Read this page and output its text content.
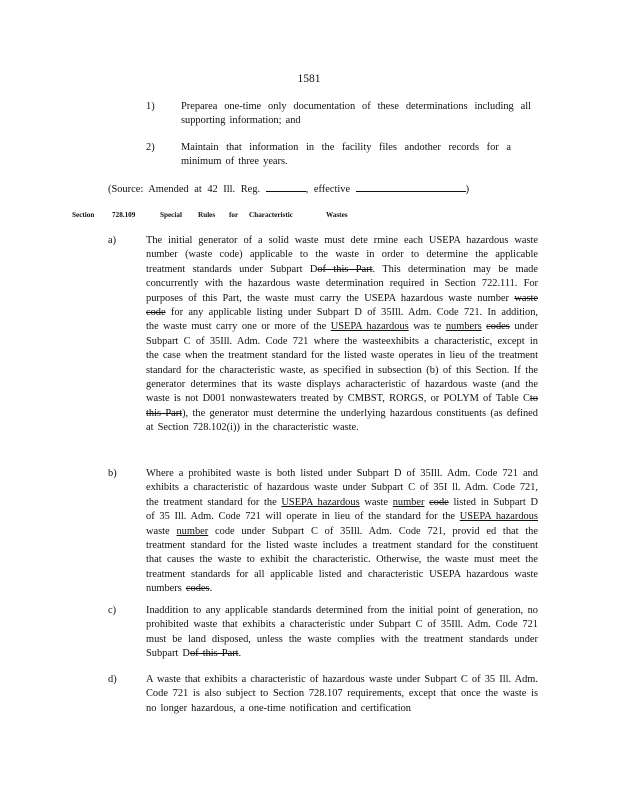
1581
1)	Preparea one-time only documentation of these determinations including all supporting information; and
2)	Maintain that information in the facility files andother records for a minimum of three years.
(Source: Amended at 42 Ill. Reg.	, effective	)
Section 728.109	Special Rules for Characteristic	Wastes
a)	The initial generator of a solid waste must dete rmine each USEPA hazardous waste number (waste code) applicable to the waste in order to determine the applicable treatment standards under Subpart Dof this Part. This determination may be made concurrently with the hazardous waste determination required in Section 722.111. For purposes of this Part, the waste must carry the USEPA hazardous waste number waste code for any applicable listing under Subpart D of 35Ill. Adm. Code 721. In addition, the waste must carry one or more of the USEPA hazardous was te numbers codes under Subpart C of 35Ill. Adm. Code 721 where the wasteexhibits a characteristic, except in the case when the treatment standard for the listed waste operates in lieu of the treatment standard for the characteristic waste, as specified in subsection (b) of this Section. If the generator determines that its waste displays acharacteristic of hazardous waste (and the waste is not D001 nonwastewaters treated by CMBST, RORGS, or POLYM of Table Cto this Part), the generator must determine the underlying hazardous constituents (as defined at Section 728.102(i)) in the characteristic waste.
b)	Where a prohibited waste is both listed under Subpart D of 35Ill. Adm. Code 721 and exhibits a characteristic of hazardous waste under Subpart C of 35I ll. Adm. Code 721, the treatment standard for the USEPA hazardous waste number code listed in Subpart D of 35 Ill. Adm. Code 721 will operate in lieu of the standard for the USEPA hazardous waste number code under Subpart C of 35Ill. Adm. Code 721, provid ed that the treatment standard for the listed waste includes a treatment standard for the constituent that causes the waste to exhibit the characteristic. Otherwise, the waste must meet the treatment standards for all applicable listed and characteristic USEPA hazardous waste numbers codes.
c)	Inaddition to any applicable standards determined from the initial point of generation, no prohibited waste that exhibits a characteristic under Subpart C of 35Ill. Adm. Code 721 must be land disposed, unless the waste complies with the treatment standards under Subpart Dof this Part.
d)	A waste that exhibits a characteristic of hazardous waste under Subpart C of 35 Ill. Adm. Code 721 is also subject to Section 728.107 requirements, except that once the waste is no longer hazardous, a one-time notification and certification
